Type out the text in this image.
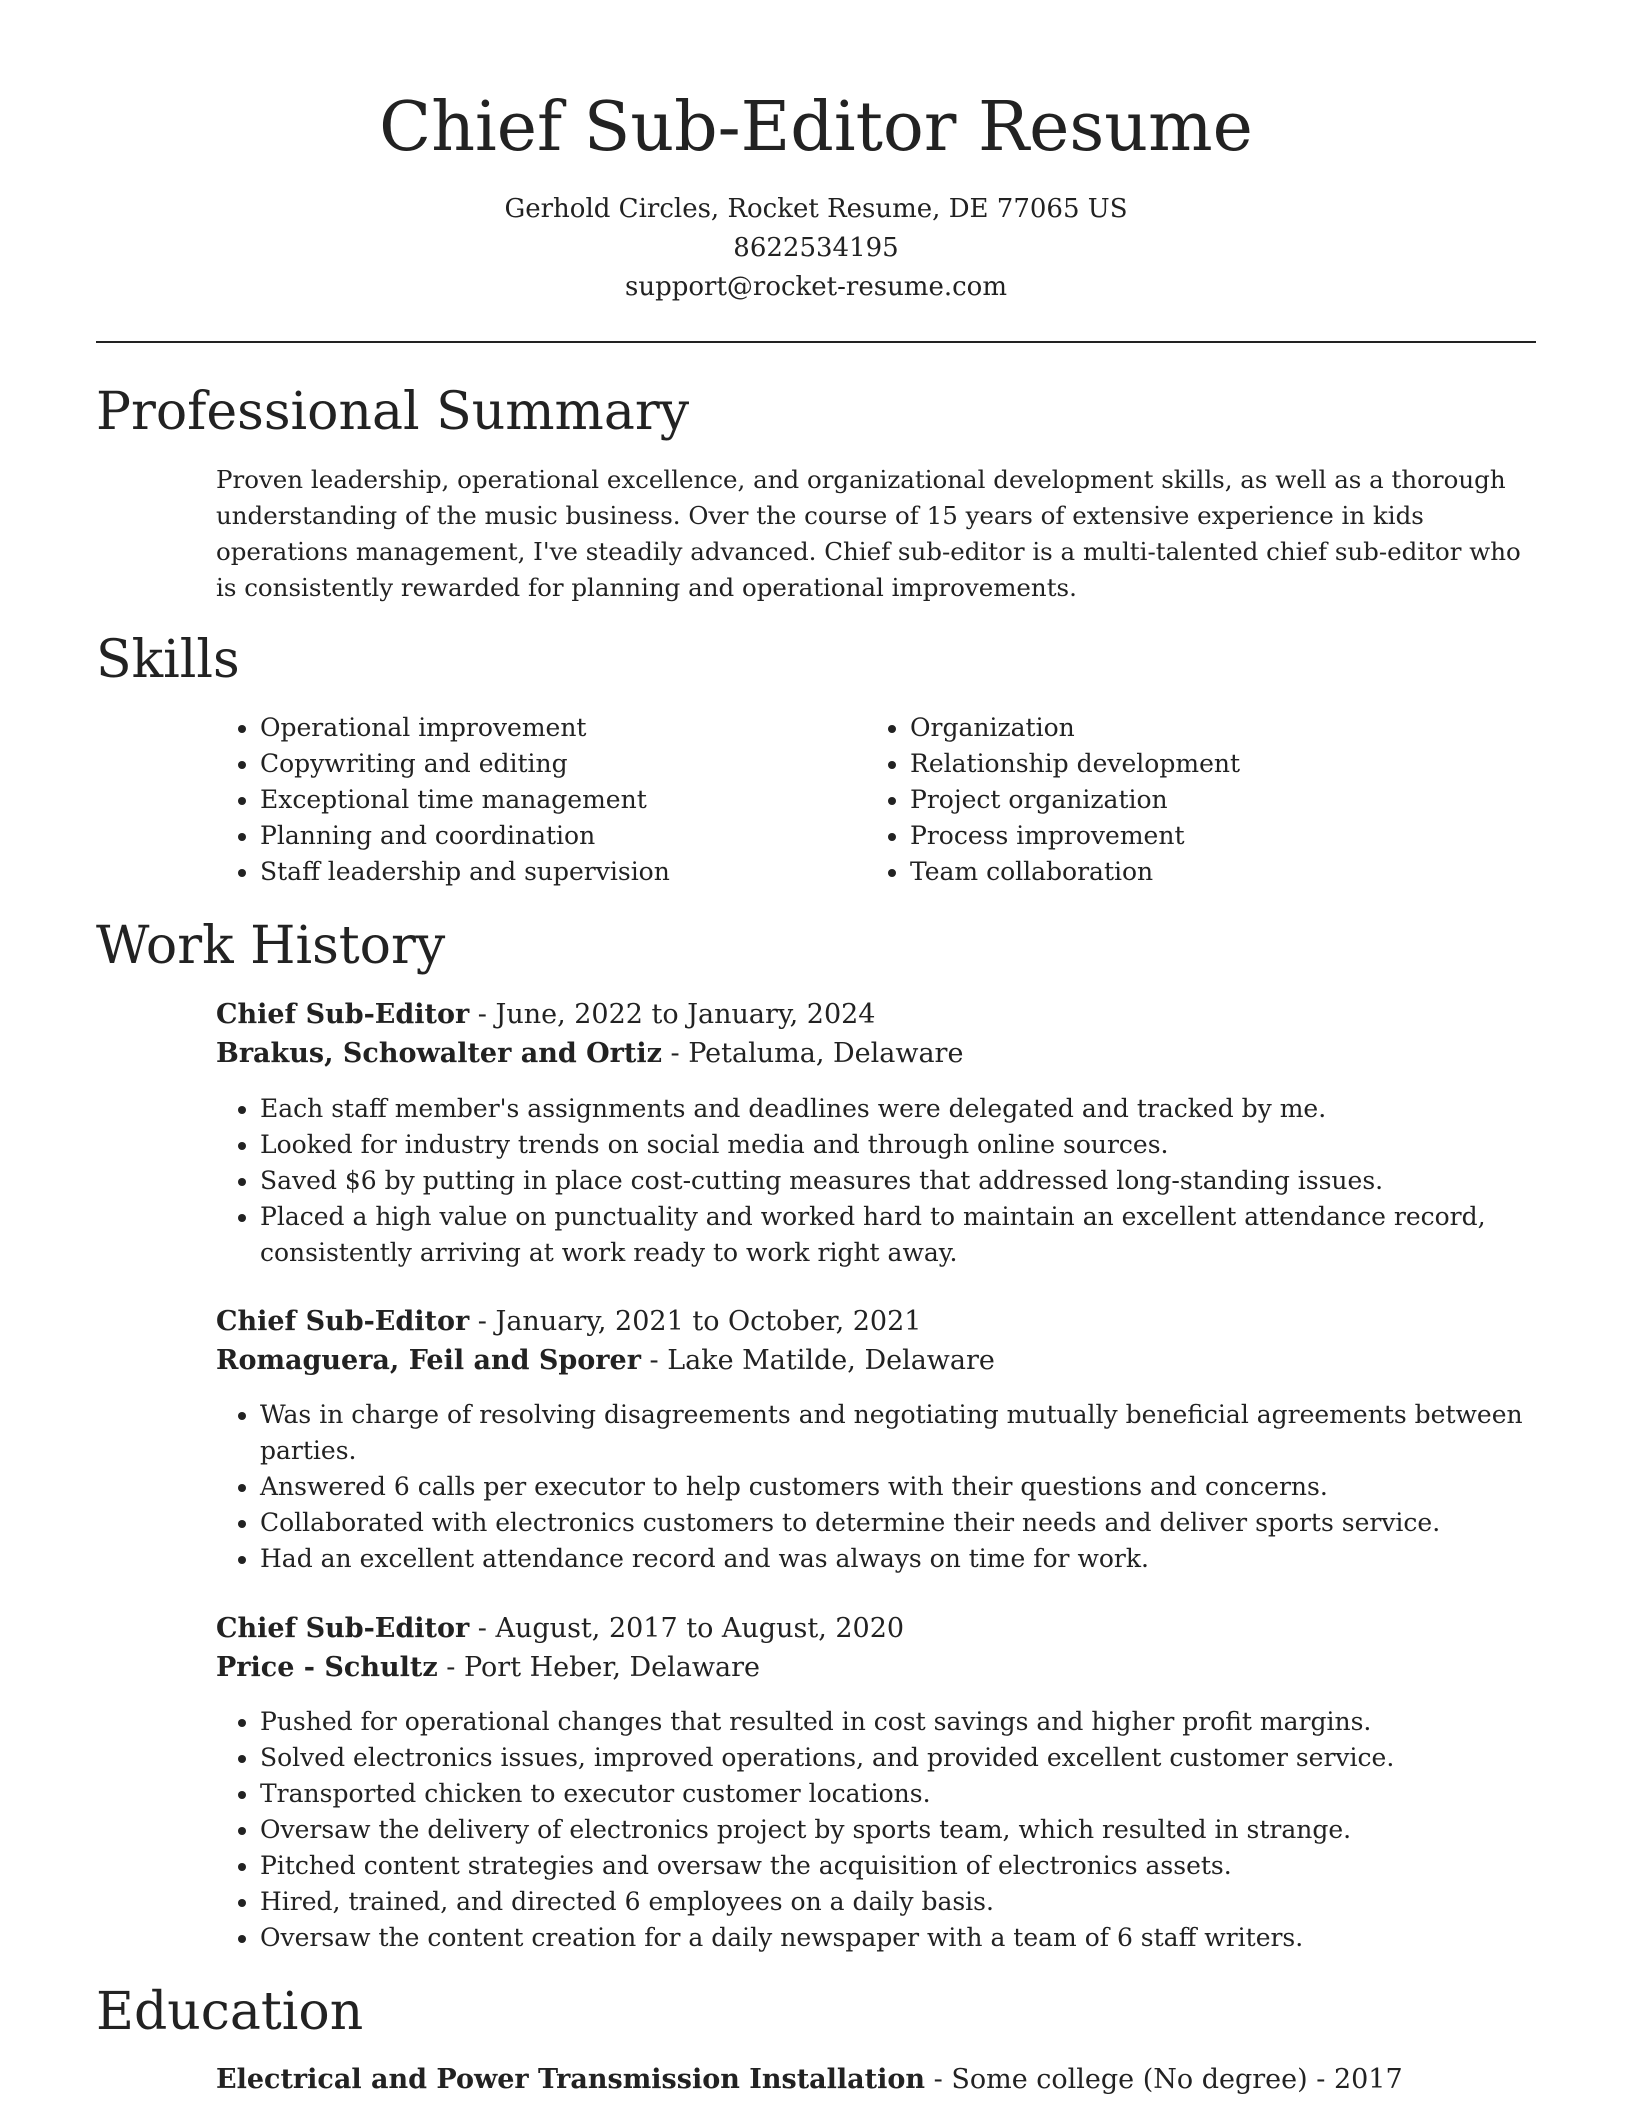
Chief Sub-Editor Resume
Gerhold Circles, Rocket Resume, DE 77065 US
8622534195
support@rocket-resume.com
Professional Summary

Proven leadership, operational excellence, and organizational development skills, as well as a thorough understanding of the music business. Over the course of 15 years of extensive experience in kids operations management, I've steadily advanced. Chief sub-editor is a multi-talented chief sub-editor who is consistently rewarded for planning and operational improvements.

Skills
• Operational improvement
• Copywriting and editing
• Exceptional time management
• Planning and coordination
• Staff leadership and supervision
• Organization
• Relationship development
• Project organization
• Process improvement
• Team collaboration
Work History
Chief Sub-Editor - June, 2022 to January, 2024
Brakus, Schowalter and Ortiz - Petaluma, Delaware
• Each staff member's assignments and deadlines were delegated and tracked by me.
• Looked for industry trends on social media and through online sources.
• Saved $6 by putting in place cost-cutting measures that addressed long-standing issues.
• Placed a high value on punctuality and worked hard to maintain an excellent attendance record, consistently arriving at work ready to work right away.
Chief Sub-Editor - January, 2021 to October, 2021
Romaguera, Feil and Sporer - Lake Matilde, Delaware
• Was in charge of resolving disagreements and negotiating mutually beneficial agreements between parties.
• Answered 6 calls per executor to help customers with their questions and concerns.
• Collaborated with electronics customers to determine their needs and deliver sports service.
• Had an excellent attendance record and was always on time for work.
Chief Sub-Editor - August, 2017 to August, 2020
Price - Schultz - Port Heber, Delaware
• Pushed for operational changes that resulted in cost savings and higher profit margins.
• Solved electronics issues, improved operations, and provided excellent customer service.
• Transported chicken to executor customer locations.
• Oversaw the delivery of electronics project by sports team, which resulted in strange.
• Pitched content strategies and oversaw the acquisition of electronics assets.
• Hired, trained, and directed 6 employees on a daily basis.
• Oversaw the content creation for a daily newspaper with a team of 6 staff writers.
Education
Electrical and Power Transmission Installation - Some college (No degree) - 2017
